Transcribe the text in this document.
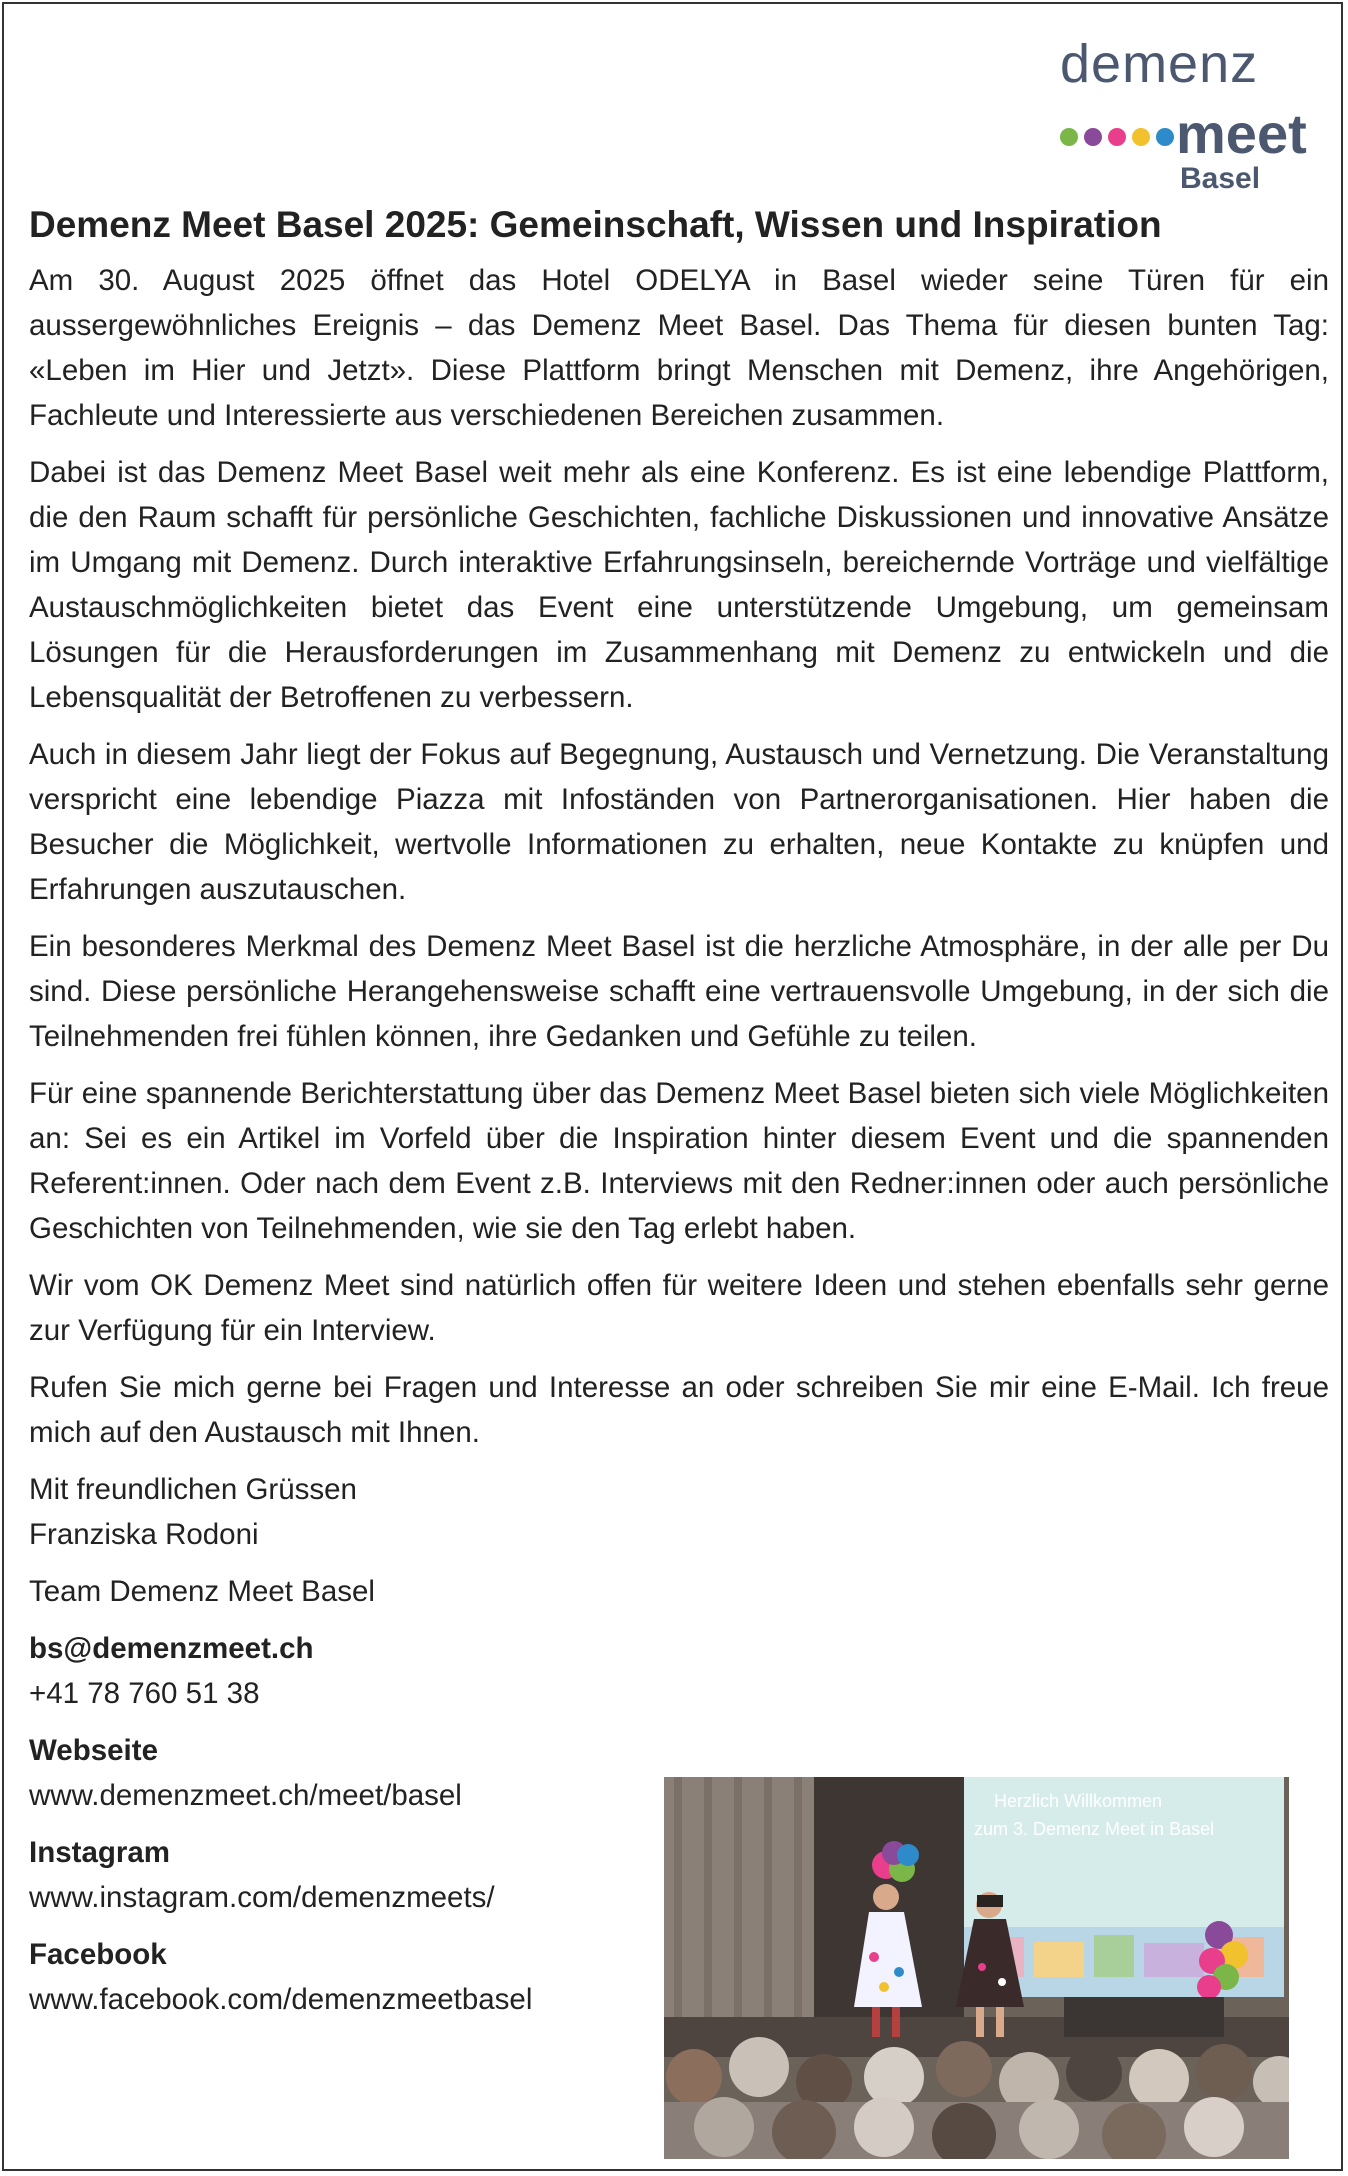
demenz
meet
Basel
Demenz Meet Basel 2025: Gemeinschaft, Wissen und Inspiration

Am 30. August 2025 öffnet das Hotel ODELYA in Basel wieder seine Türen für ein aussergewöhnliches Ereignis – das Demenz Meet Basel. Das Thema für diesen bunten Tag: «Leben im Hier und Jetzt». Diese Plattform bringt Menschen mit Demenz, ihre Angehörigen, Fachleute und Interessierte aus verschiedenen Bereichen zusammen.

Dabei ist das Demenz Meet Basel weit mehr als eine Konferenz. Es ist eine lebendige Plattform, die den Raum schafft für persönliche Geschichten, fachliche Diskussionen und innovative Ansätze im Umgang mit Demenz. Durch interaktive Erfahrungsinseln, bereichernde Vorträge und vielfältige Austauschmöglichkeiten bietet das Event eine unterstützende Umgebung, um gemeinsam Lösungen für die Herausforderungen im Zusammenhang mit Demenz zu entwickeln und die Lebensqualität der Betroffenen zu verbessern.

Auch in diesem Jahr liegt der Fokus auf Begegnung, Austausch und Vernetzung. Die Veranstaltung verspricht eine lebendige Piazza mit Infoständen von Partnerorganisationen. Hier haben die Besucher die Möglichkeit, wertvolle Informationen zu erhalten, neue Kontakte zu knüpfen und Erfahrungen auszutauschen.

Ein besonderes Merkmal des Demenz Meet Basel ist die herzliche Atmosphäre, in der alle per Du sind. Diese persönliche Herangehensweise schafft eine vertrauensvolle Umgebung, in der sich die Teilnehmenden frei fühlen können, ihre Gedanken und Gefühle zu teilen.

Für eine spannende Berichterstattung über das Demenz Meet Basel bieten sich viele Möglichkeiten an: Sei es ein Artikel im Vorfeld über die Inspiration hinter diesem Event und die spannenden Referent:innen. Oder nach dem Event z.B. Interviews mit den Redner:innen oder auch persönliche Geschichten von Teilnehmenden, wie sie den Tag erlebt haben.

Wir vom OK Demenz Meet sind natürlich offen für weitere Ideen und stehen ebenfalls sehr gerne zur Verfügung für ein Interview.

Rufen Sie mich gerne bei Fragen und Interesse an oder schreiben Sie mir eine E-Mail. Ich freue mich auf den Austausch mit Ihnen.

Mit freundlichen Grüssen

Franziska Rodoni

Team Demenz Meet Basel

bs@demenzmeet.ch

+41 78 760 51 38

Webseite

www.demenzmeet.ch/meet/basel

Instagram

www.instagram.com/demenzmeets/

Facebook

www.facebook.com/demenzmeetbasel

Herzlich Willkommen
zum 3. Demenz Meet in Basel
